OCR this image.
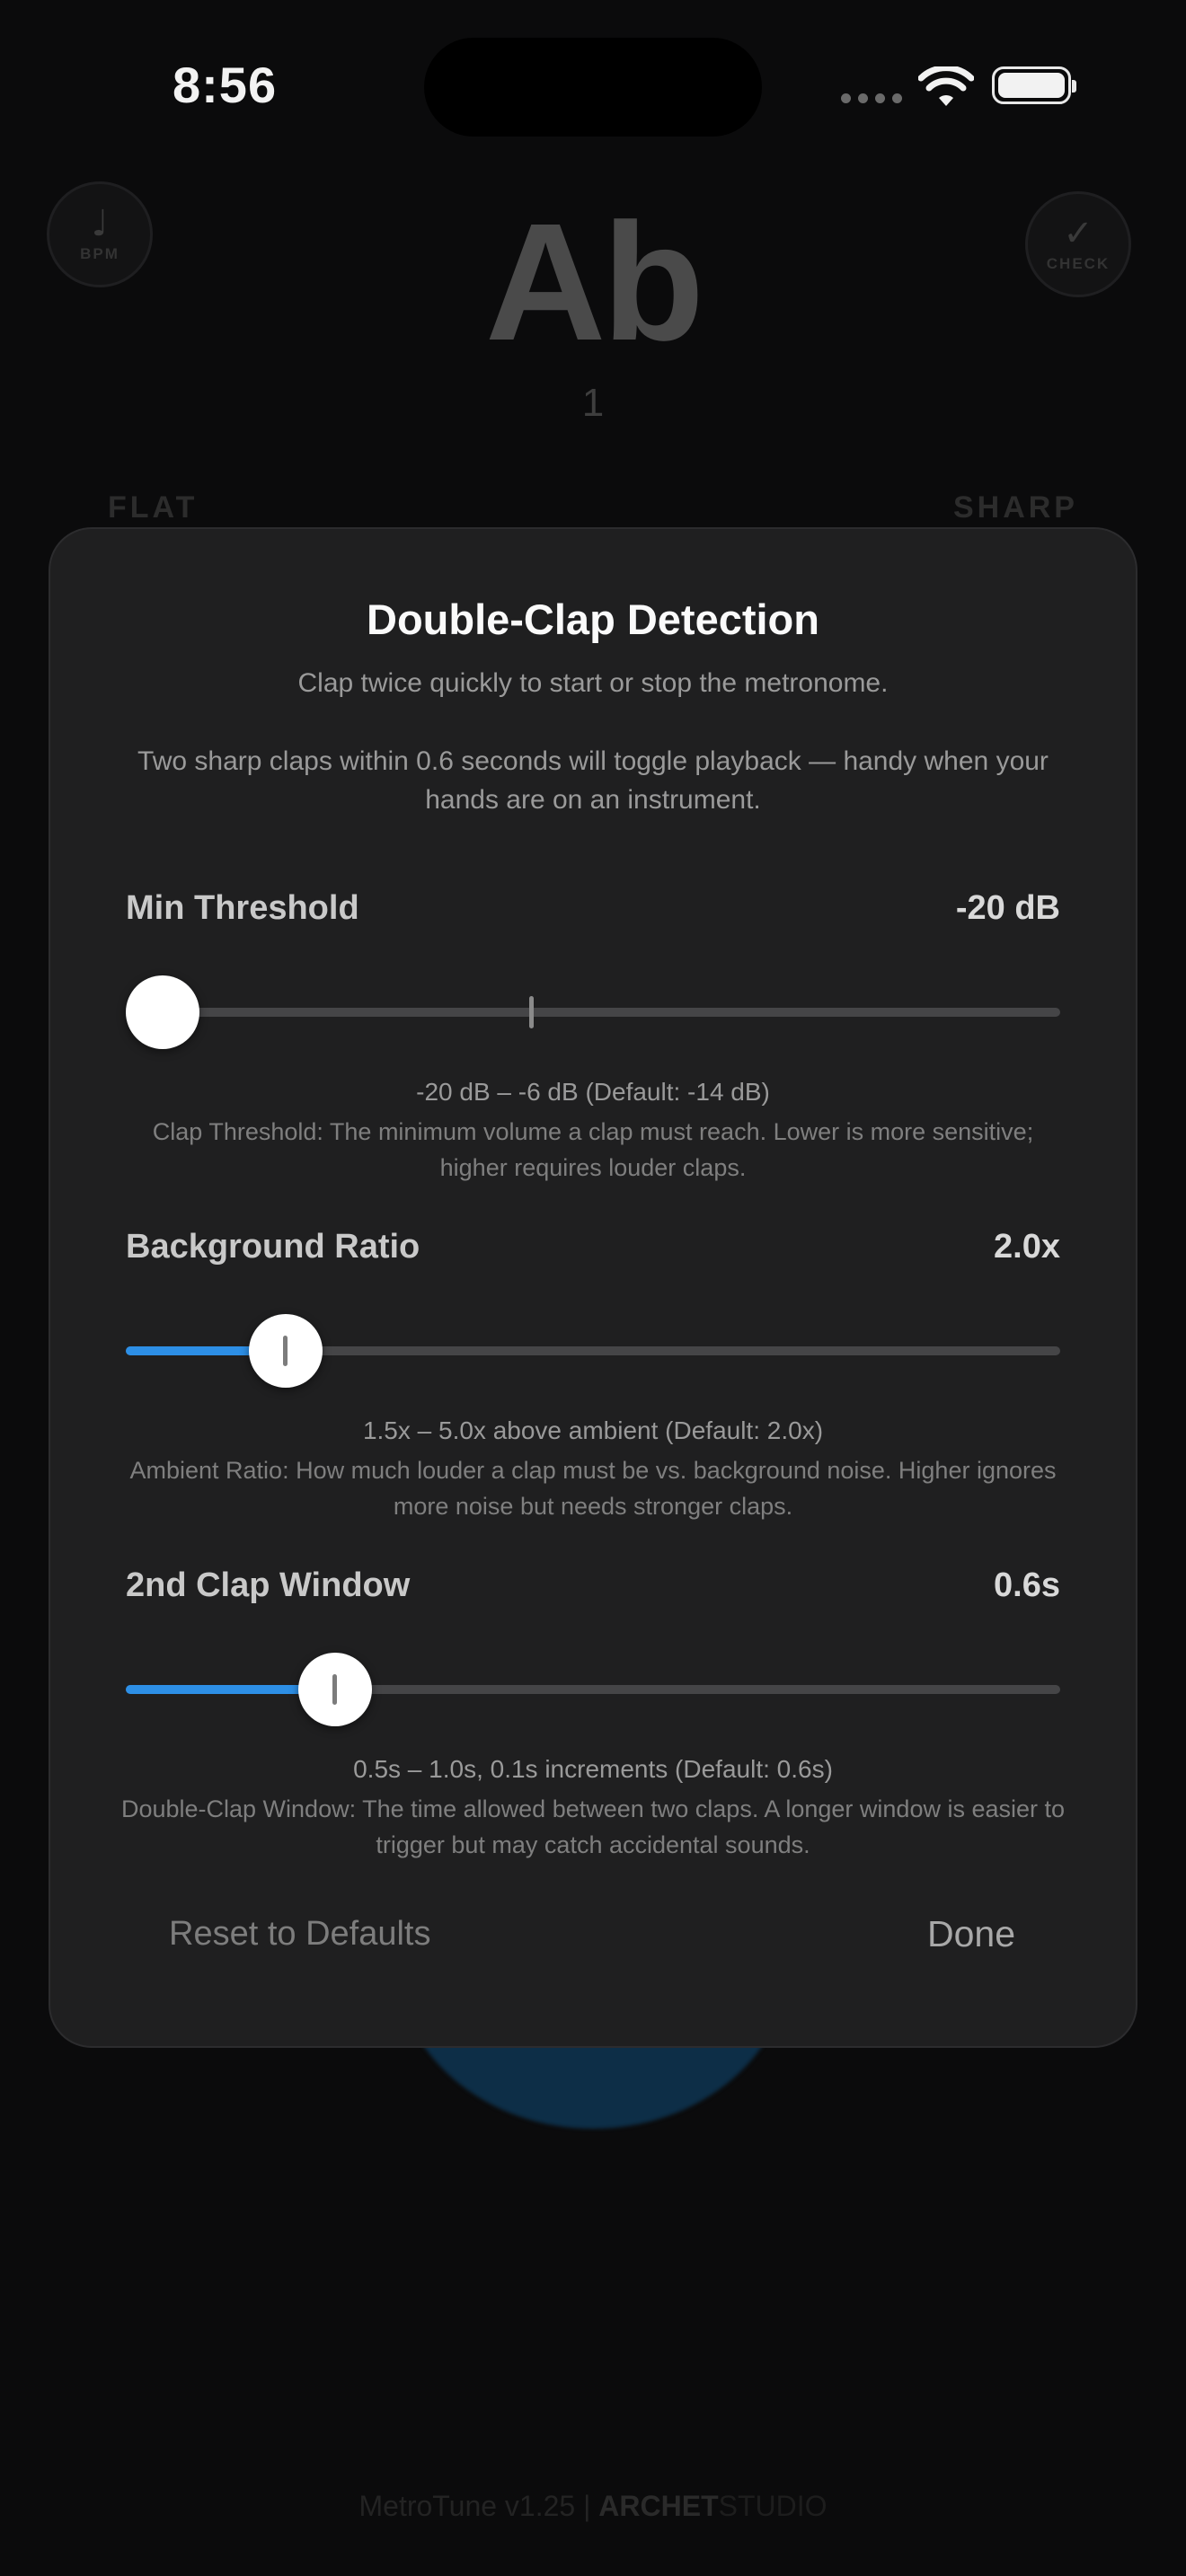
8:56
♩
BPM	✓
CHECK
Ab
1
FLAT	SHARP
MetroTune v1.25 | ARCHETSTUDIO
Double-Clap Detection
Clap twice quickly to start or stop the metronome.
Two sharp claps within 0.6 seconds will toggle playback — handy when your hands are on an instrument.
Min Threshold	-20 dB
-20 dB – -6 dB (Default: -14 dB)
Clap Threshold: The minimum volume a clap must reach. Lower is more sensitive; higher requires louder claps.
Background Ratio	2.0x
1.5x – 5.0x above ambient (Default: 2.0x)
Ambient Ratio: How much louder a clap must be vs. background noise. Higher ignores more noise but needs stronger claps.
2nd Clap Window	0.6s
0.5s – 1.0s, 0.1s increments (Default: 0.6s)
Double-Clap Window: The time allowed between two claps. A longer window is easier to trigger but may catch accidental sounds.
Reset to Defaults	Done
